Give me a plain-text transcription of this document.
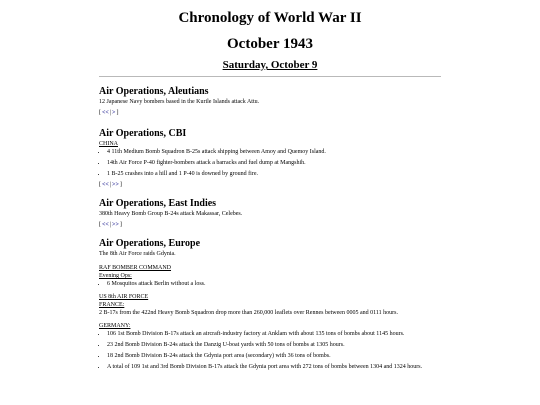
Chronology of World War II
October 1943
Saturday, October 9

Air Operations, Aleutians

12 Japanese Navy bombers based in the Kurile Islands attack Attu.

[ << | > ]

Air Operations, CBI

CHINA
• 4 11th Medium Bomb Squadron B-25s attack shipping between Amoy and Quemoy Island.
• 14th Air Force P-40 fighter-bombers attack a barracks and fuel dump at Mangshih.
• 1 B-25 crashes into a hill and 1 P-40 is downed by ground fire.
[ << | >> ]

Air Operations, East Indies

380th Heavy Bomb Group B-24s attack Makassar, Celebes.

[ << | >> ]

Air Operations, Europe

The 8th Air Force raids Gdynia.

RAF BOMBER COMMAND
Evening Ops:
• 6 Mosquitos attack Berlin without a loss.
US 8th AIR FORCE
FRANCE:

2 B-17s from the 422nd Heavy Bomb Squadron drop more than 260,000 leaflets over Rennes between 0005 and 0111 hours.

GERMANY:
• 106 1st Bomb Division B-17s attack an aircraft-industry factory at Anklam with about 135 tons of bombs about 1145 hours.
• 23 2nd Bomb Division B-24s attack the Danzig U-boat yards with 50 tons of bombs at 1305 hours.
• 18 2nd Bomb Division B-24s attack the Gdynia port area (secondary) with 36 tons of bombs.
• A total of 109 1st and 3rd Bomb Division B-17s attack the Gdynia port area with 272 tons of bombs between 1304 and 1324 hours.
